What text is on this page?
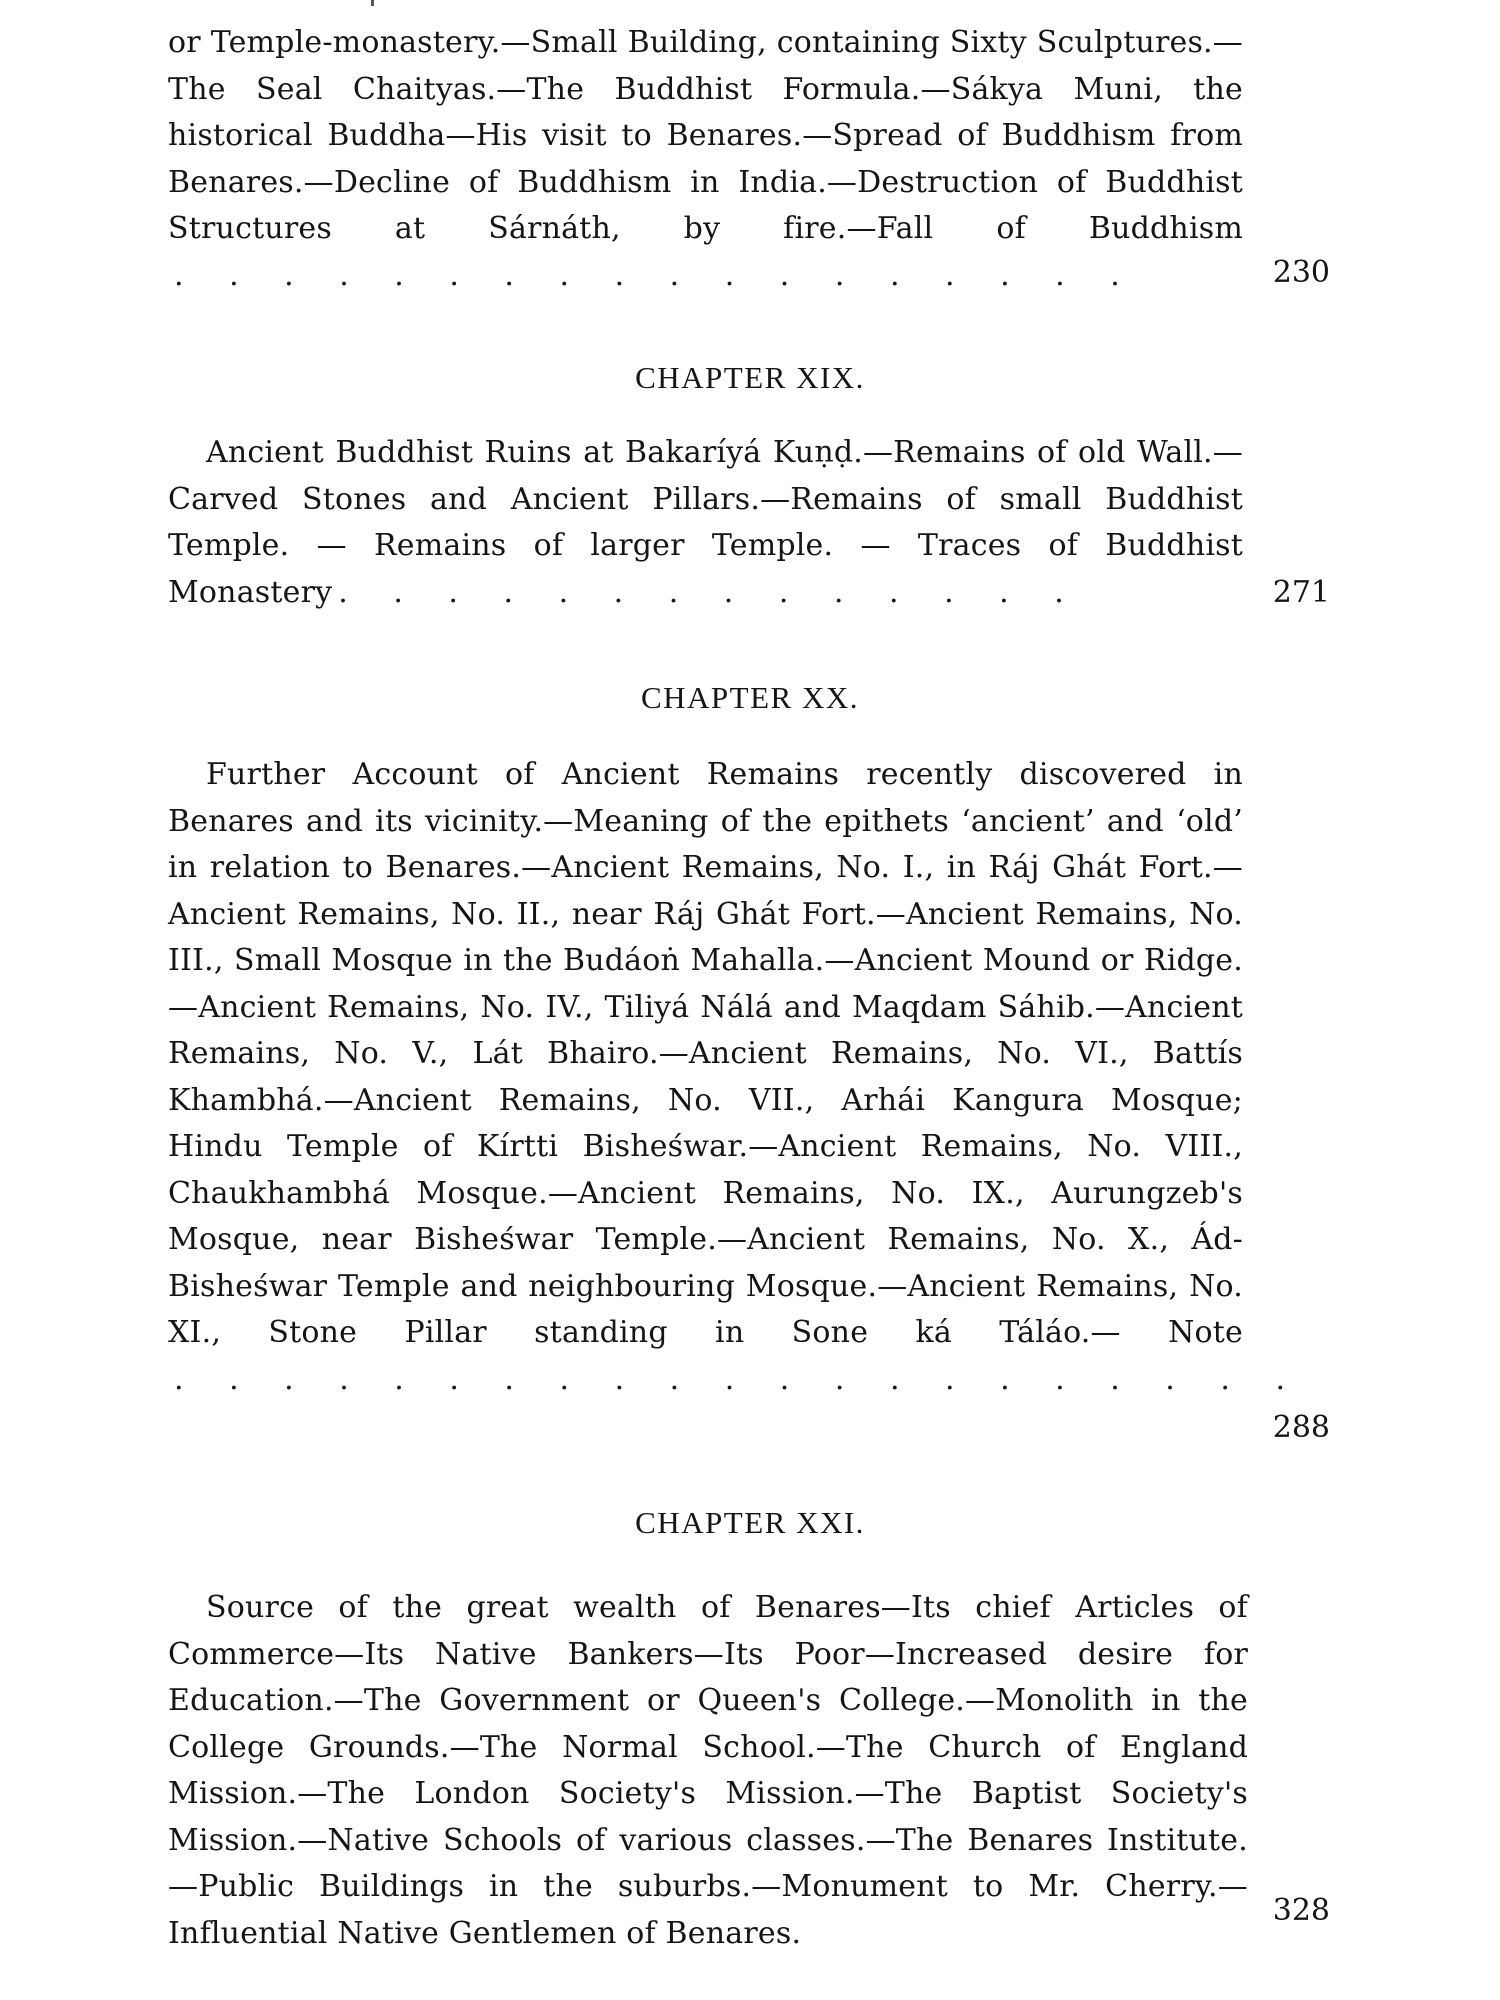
or Temple-monastery.—Small Building, containing Sixty Sculptures.—The Seal Chaityas.—The Buddhist Formula.—Sákya Muni, the historical Buddha—His visit to Benares.—Spread of Buddhism from Benares.—Decline of Buddhism in India.—Destruction of Buddhist Structures at Sárnáth, by fire.—Fall of Buddhism. . . . . . . . . . . . . . . . . .	230
CHAPTER XIX.
Ancient Buddhist Ruins at Bakaríyá Kuṇḍ.—Remains of old Wall.—Carved Stones and Ancient Pillars.—Remains of small Buddhist Temple. — Remains of larger Temple. — Traces of Buddhist Monastery . . . . . . . . . . . . . .	271
CHAPTER XX.
Further Account of Ancient Remains recently discovered in Benares and its vicinity.—Meaning of the epithets ‘ancient’ and ‘old’ in relation to Benares.—Ancient Remains, No. I., in Ráj Ghát Fort.—Ancient Remains, No. II., near Ráj Ghát Fort.—Ancient Remains, No. III., Small Mosque in the Budáoṅ Mahalla.—Ancient Mound or Ridge.—Ancient Remains, No. IV., Tiliyá Nálá and Maqdam Sáhib.—Ancient Remains, No. V., Lát Bhairo.—Ancient Remains, No. VI., Battís Khambhá.—Ancient Remains, No. VII., Arhái Kangura Mosque; Hindu Temple of Kírtti Bisheśwar.—Ancient Remains, No. VIII., Chaukhambhá Mosque.—Ancient Remains, No. IX., Aurungzeb's Mosque, near Bisheśwar Temple.—Ancient Remains, No. X., Ád-Bisheśwar Temple and neighbouring Mosque.—Ancient Remains, No. XI., Stone Pillar standing in Sone ká Táláo.— Note. . . . . . . . . . . . . . . . . . . . .
288
CHAPTER XXI.
Source of the great wealth of Benares—Its chief Articles of Commerce—Its Native Bankers—Its Poor—Increased desire for Education.—The Government or Queen's College.—Monolith in the College Grounds.—The Normal School.—The Church of England Mission.—The London Society's Mission.—The Baptist Society's Mission.—Native Schools of various classes.—The Benares Institute.—Public Buildings in the suburbs.—Monument to Mr. Cherry.—Influential Native Gentlemen of Benares.
328
